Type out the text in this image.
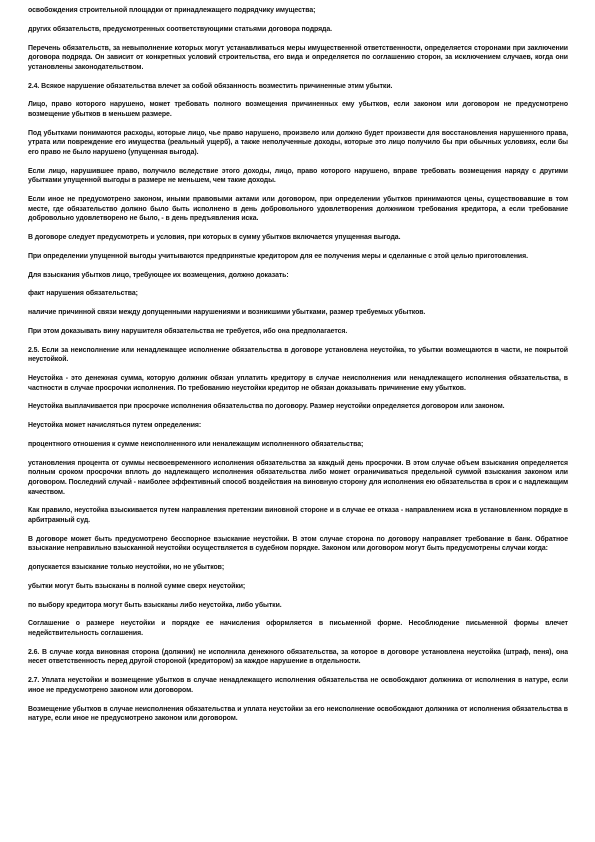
освобождения строительной площадки от принадлежащего подрядчику имущества;

других обязательств, предусмотренных соответствующими статьями договора подряда.

Перечень обязательств, за невыполнение которых могут устанавливаться меры имущественной ответственности, определяется сторонами при заключении договора подряда. Он зависит от конкретных условий строительства, его вида и определяется по соглашению сторон, за исключением случаев, когда они установлены законодательством.

2.4. Всякое нарушение обязательства влечет за собой обязанность возместить причиненные этим убытки.

Лицо, право которого нарушено, может требовать полного возмещения причиненных ему убытков, если законом или договором не предусмотрено возмещение убытков в меньшем размере.

Под убытками понимаются расходы, которые лицо, чье право нарушено, произвело или должно будет произвести для восстановления нарушенного права, утрата или повреждение его имущества (реальный ущерб), а также неполученные доходы, которые это лицо получило бы при обычных условиях, если бы его право не было нарушено (упущенная выгода).

Если лицо, нарушившее право, получило вследствие этого доходы, лицо, право которого нарушено, вправе требовать возмещения наряду с другими убытками упущенной выгоды в размере не меньшем, чем такие доходы.

Если иное не предусмотрено законом, иными правовыми актами или договором, при определении убытков принимаются цены, существовавшие в том месте, где обязательство должно было быть исполнено в день добровольного удовлетворения должником требования кредитора, а если требование добровольно удовлетворено не было, - в день предъявления иска.

В договоре следует предусмотреть и условия, при которых в сумму убытков включается упущенная выгода.

При определении упущенной выгоды учитываются предпринятые кредитором для ее получения меры и сделанные с этой целью приготовления.

Для взыскания убытков лицо, требующее их возмещения, должно доказать:

факт нарушения обязательства;

наличие причинной связи между допущенными нарушениями и возникшими убытками, размер требуемых убытков.

При этом доказывать вину нарушителя обязательства не требуется, ибо она предполагается.

2.5. Если за неисполнение или ненадлежащее исполнение обязательства в договоре установлена неустойка, то убытки возмещаются в части, не покрытой неустойкой.

Неустойка - это денежная сумма, которую должник обязан уплатить кредитору в случае неисполнения или ненадлежащего исполнения обязательства, в частности в случае просрочки исполнения. По требованию неустойки кредитор не обязан доказывать причинение ему убытков.

Неустойка выплачивается при просрочке исполнения обязательства по договору. Размер неустойки определяется договором или законом.

Неустойка может начисляться путем определения:

процентного отношения к сумме неисполненного или неналежащим исполненного обязательства;

установления процента от суммы несвоевременного исполнения обязательства за каждый день просрочки. В этом случае объем взыскания определяется полным сроком просрочки вплоть до надлежащего исполнения обязательства либо может ограничиваться предельной суммой взыскания законом или договором. Последний случай - наиболее эффективный способ воздействия на виновную сторону для исполнения ею обязательства в срок и с надлежащим качеством.

Как правило, неустойка взыскивается путем направления претензии виновной стороне и в случае ее отказа - направлением иска в установленном порядке в арбитражный суд.

В договоре может быть предусмотрено бесспорное взыскание неустойки. В этом случае сторона по договору направляет требование в банк. Обратное взыскание неправильно взысканной неустойки осуществляется в судебном порядке. Законом или договором могут быть предусмотрены случаи когда:

допускается взыскание только неустойки, но не убытков;

убытки могут быть взысканы в полной сумме сверх неустойки;

по выбору кредитора могут быть взысканы либо неустойка, либо убытки.

Соглашение о размере неустойки и порядке ее начисления оформляется в письменной форме. Несоблюдение письменной формы влечет недействительность соглашения.

2.6. В случае когда виновная сторона (должник) не исполнила денежного обязательства, за которое в договоре установлена неустойка (штраф, пеня), она несет ответственность перед другой стороной (кредитором) за каждое нарушение в отдельности.

2.7. Уплата неустойки и возмещение убытков в случае ненадлежащего исполнения обязательства не освобождают должника от исполнения в натуре, если иное не предусмотрено законом или договором.

Возмещение убытков в случае неисполнения обязательства и уплата неустойки за его неисполнение освобождают должника от исполнения обязательства в натуре, если иное не предусмотрено законом или договором.
